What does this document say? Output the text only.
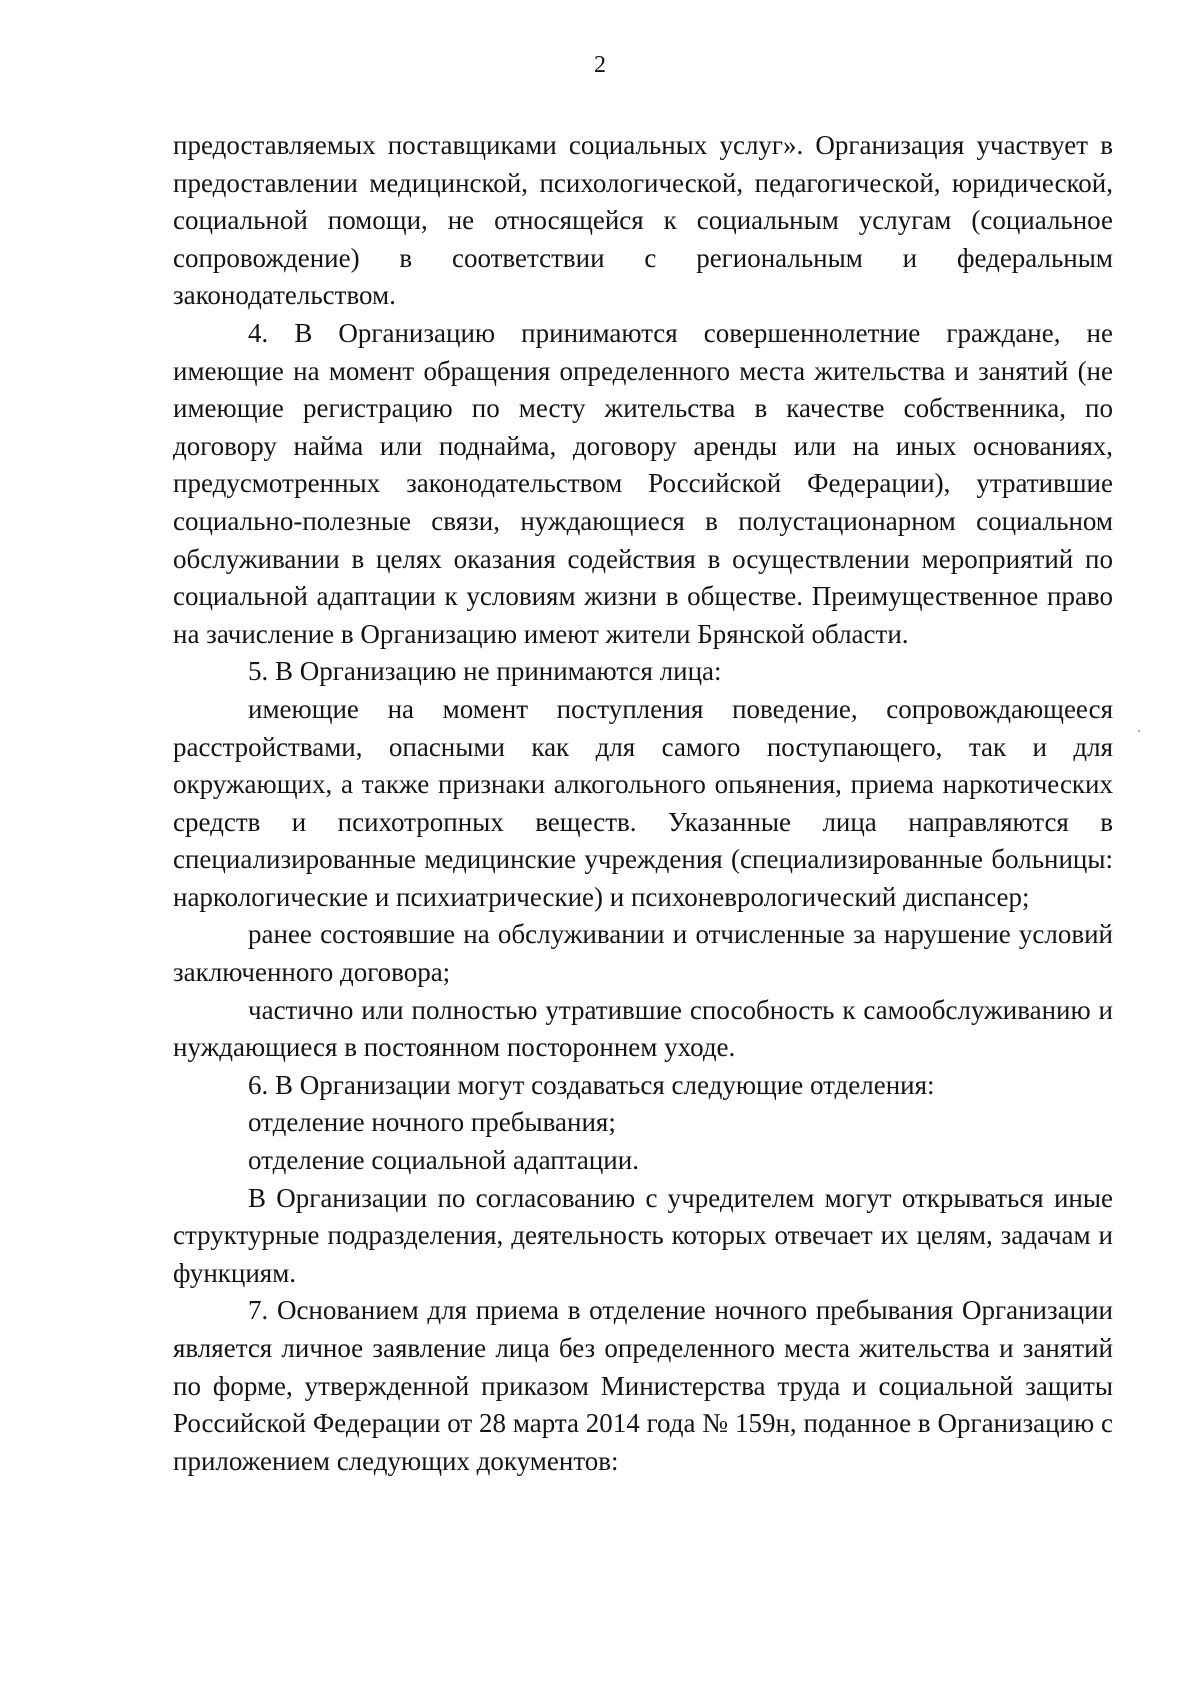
2

предоставляемых поставщиками социальных услуг». Организация участвует в предоставлении медицинской, психологической, педагогической, юридической, социальной помощи, не относящейся к социальным услугам (социальное сопровождение) в соответствии с региональным и федеральным законодательством.

4. В Организацию принимаются совершеннолетние граждане, не имеющие на момент обращения определенного места жительства и занятий (не имеющие регистрацию по месту жительства в качестве собственника, по договору найма или поднайма, договору аренды или на иных основаниях, предусмотренных законодательством Российской Федерации), утратившие социально-полезные связи, нуждающиеся в полустационарном социальном обслуживании в целях оказания содействия в осуществлении мероприятий по социальной адаптации к условиям жизни в обществе. Преимущественное право на зачисление в Организацию имеют жители Брянской области.

5. В Организацию не принимаются лица:

имеющие на момент поступления поведение, сопровождающееся расстройствами, опасными как для самого поступающего, так и для окружающих, а также признаки алкогольного опьянения, приема наркотических средств и психотропных веществ. Указанные лица направляются в специализированные медицинские учреждения (специализированные больницы: наркологические и психиатрические) и психоневрологический диспансер;

ранее состоявшие на обслуживании и отчисленные за нарушение условий заключенного договора;

частично или полностью утратившие способность к самообслуживанию и нуждающиеся в постоянном постороннем уходе.

6. В Организации могут создаваться следующие отделения:

отделение ночного пребывания;

отделение социальной адаптации.

В Организации по согласованию с учредителем могут открываться иные структурные подразделения, деятельность которых отвечает их целям, задачам и функциям.

7. Основанием для приема в отделение ночного пребывания Организации является личное заявление лица без определенного места жительства и занятий по форме, утвержденной приказом Министерства труда и социальной защиты Российской Федерации от 28 марта 2014 года № 159н, поданное в Организацию с приложением следующих документов:
